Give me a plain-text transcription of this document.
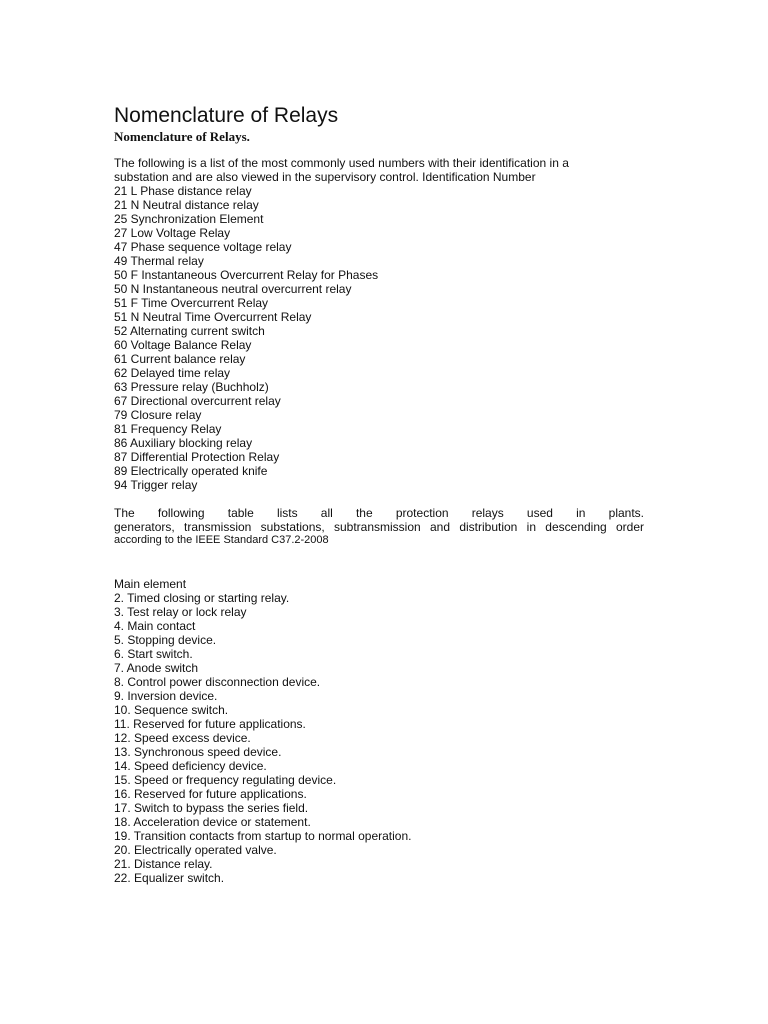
Nomenclature of Relays
Nomenclature of Relays.

The following is a list of the most commonly used numbers with their identification in a
substation and are also viewed in the supervisory control. Identification Number

21 L Phase distance relay
21 N Neutral distance relay
25 Synchronization Element
27 Low Voltage Relay
47 Phase sequence voltage relay
49 Thermal relay
50 F Instantaneous Overcurrent Relay for Phases
50 N Instantaneous neutral overcurrent relay
51 F Time Overcurrent Relay
51 N Neutral Time Overcurrent Relay
52 Alternating current switch
60 Voltage Balance Relay
61 Current balance relay
62 Delayed time relay
63 Pressure relay (Buchholz)
67 Directional overcurrent relay
79 Closure relay
81 Frequency Relay
86 Auxiliary blocking relay
87 Differential Protection Relay
89 Electrically operated knife
94 Trigger relay

The following table lists all the protection relays used in plants.
generators, transmission substations, subtransmission and distribution in descending order
according to the IEEE Standard C37.2-2008

Main element
2. Timed closing or starting relay.
3. Test relay or lock relay
4. Main contact
5. Stopping device.
6. Start switch.
7. Anode switch
8. Control power disconnection device.
9. Inversion device.
10. Sequence switch.
11. Reserved for future applications.
12. Speed excess device.
13. Synchronous speed device.
14. Speed deficiency device.
15. Speed or frequency regulating device.
16. Reserved for future applications.
17. Switch to bypass the series field.
18. Acceleration device or statement.
19. Transition contacts from startup to normal operation.
20. Electrically operated valve.
21. Distance relay.
22. Equalizer switch.
